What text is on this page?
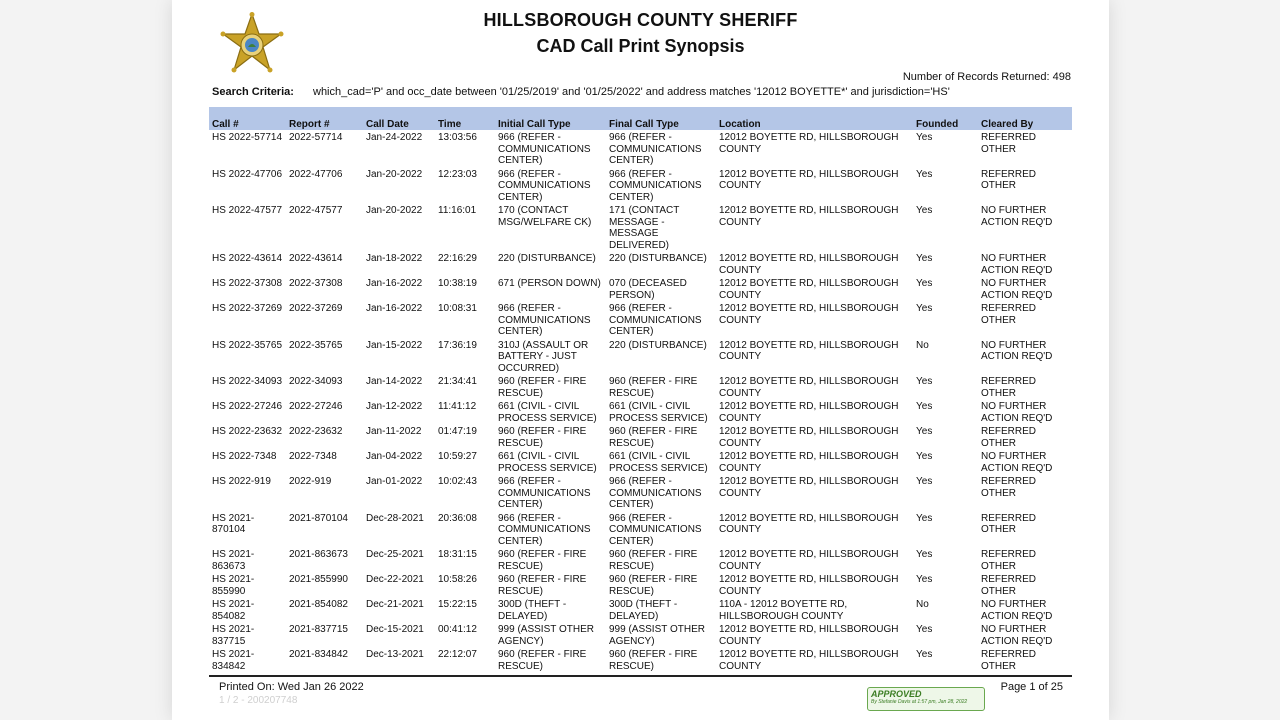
HILLSBOROUGH COUNTY SHERIFF
CAD Call Print Synopsis
Number of Records Returned: 498
Search Criteria: which_cad='P' and occ_date between '01/25/2019' and '01/25/2022' and address matches '12012 BOYETTE*' and jurisdiction='HS'
Call #	Report #	Call Date	Time	Initial Call Type	Final Call Type	Location	Founded	Cleared By
HS 2022-57714	2022-57714	Jan-24-2022	13:03:56	966 (REFER - COMMUNICATIONS CENTER)	966 (REFER - COMMUNICATIONS CENTER)	12012 BOYETTE RD, HILLSBOROUGH COUNTY	Yes	REFERRED OTHER
HS 2022-47706	2022-47706	Jan-20-2022	12:23:03	966 (REFER - COMMUNICATIONS CENTER)	966 (REFER - COMMUNICATIONS CENTER)	12012 BOYETTE RD, HILLSBOROUGH COUNTY	Yes	REFERRED OTHER
HS 2022-47577	2022-47577	Jan-20-2022	11:16:01	170 (CONTACT MSG/WELFARE CK)	171 (CONTACT MESSAGE - MESSAGE DELIVERED)	12012 BOYETTE RD, HILLSBOROUGH COUNTY	Yes	NO FURTHER ACTION REQ'D
HS 2022-43614	2022-43614	Jan-18-2022	22:16:29	220 (DISTURBANCE)	220 (DISTURBANCE)	12012 BOYETTE RD, HILLSBOROUGH COUNTY	Yes	NO FURTHER ACTION REQ'D
HS 2022-37308	2022-37308	Jan-16-2022	10:38:19	671 (PERSON DOWN)	070 (DECEASED PERSON)	12012 BOYETTE RD, HILLSBOROUGH COUNTY	Yes	NO FURTHER ACTION REQ'D
HS 2022-37269	2022-37269	Jan-16-2022	10:08:31	966 (REFER - COMMUNICATIONS CENTER)	966 (REFER - COMMUNICATIONS CENTER)	12012 BOYETTE RD, HILLSBOROUGH COUNTY	Yes	REFERRED OTHER
HS 2022-35765	2022-35765	Jan-15-2022	17:36:19	310J (ASSAULT OR BATTERY - JUST OCCURRED)	220 (DISTURBANCE)	12012 BOYETTE RD, HILLSBOROUGH COUNTY	No	NO FURTHER ACTION REQ'D
HS 2022-34093	2022-34093	Jan-14-2022	21:34:41	960 (REFER - FIRE RESCUE)	960 (REFER - FIRE RESCUE)	12012 BOYETTE RD, HILLSBOROUGH COUNTY	Yes	REFERRED OTHER
HS 2022-27246	2022-27246	Jan-12-2022	11:41:12	661 (CIVIL - CIVIL PROCESS SERVICE)	661 (CIVIL - CIVIL PROCESS SERVICE)	12012 BOYETTE RD, HILLSBOROUGH COUNTY	Yes	NO FURTHER ACTION REQ'D
HS 2022-23632	2022-23632	Jan-11-2022	01:47:19	960 (REFER - FIRE RESCUE)	960 (REFER - FIRE RESCUE)	12012 BOYETTE RD, HILLSBOROUGH COUNTY	Yes	REFERRED OTHER
HS 2022-7348	2022-7348	Jan-04-2022	10:59:27	661 (CIVIL - CIVIL PROCESS SERVICE)	661 (CIVIL - CIVIL PROCESS SERVICE)	12012 BOYETTE RD, HILLSBOROUGH COUNTY	Yes	NO FURTHER ACTION REQ'D
HS 2022-919	2022-919	Jan-01-2022	10:02:43	966 (REFER - COMMUNICATIONS CENTER)	966 (REFER - COMMUNICATIONS CENTER)	12012 BOYETTE RD, HILLSBOROUGH COUNTY	Yes	REFERRED OTHER
HS 2021-870104	2021-870104	Dec-28-2021	20:36:08	966 (REFER - COMMUNICATIONS CENTER)	966 (REFER - COMMUNICATIONS CENTER)	12012 BOYETTE RD, HILLSBOROUGH COUNTY	Yes	REFERRED OTHER
HS 2021-863673	2021-863673	Dec-25-2021	18:31:15	960 (REFER - FIRE RESCUE)	960 (REFER - FIRE RESCUE)	12012 BOYETTE RD, HILLSBOROUGH COUNTY	Yes	REFERRED OTHER
HS 2021-855990	2021-855990	Dec-22-2021	10:58:26	960 (REFER - FIRE RESCUE)	960 (REFER - FIRE RESCUE)	12012 BOYETTE RD, HILLSBOROUGH COUNTY	Yes	REFERRED OTHER
HS 2021-854082	2021-854082	Dec-21-2021	15:22:15	300D (THEFT - DELAYED)	300D (THEFT - DELAYED)	110A - 12012 BOYETTE RD, HILLSBOROUGH COUNTY	No	NO FURTHER ACTION REQ'D
HS 2021-837715	2021-837715	Dec-15-2021	00:41:12	999 (ASSIST OTHER AGENCY)	999 (ASSIST OTHER AGENCY)	12012 BOYETTE RD, HILLSBOROUGH COUNTY	Yes	NO FURTHER ACTION REQ'D
HS 2021-834842	2021-834842	Dec-13-2021	22:12:07	960 (REFER - FIRE RESCUE)	960 (REFER - FIRE RESCUE)	12012 BOYETTE RD, HILLSBOROUGH COUNTY	Yes	REFERRED OTHER
Printed On: Wed Jan 26 2022
1 / 2 - 200207748
APPROVED
By Stefanie Davis at 1:57 pm, Jan 28, 2022
Page 1 of 25
